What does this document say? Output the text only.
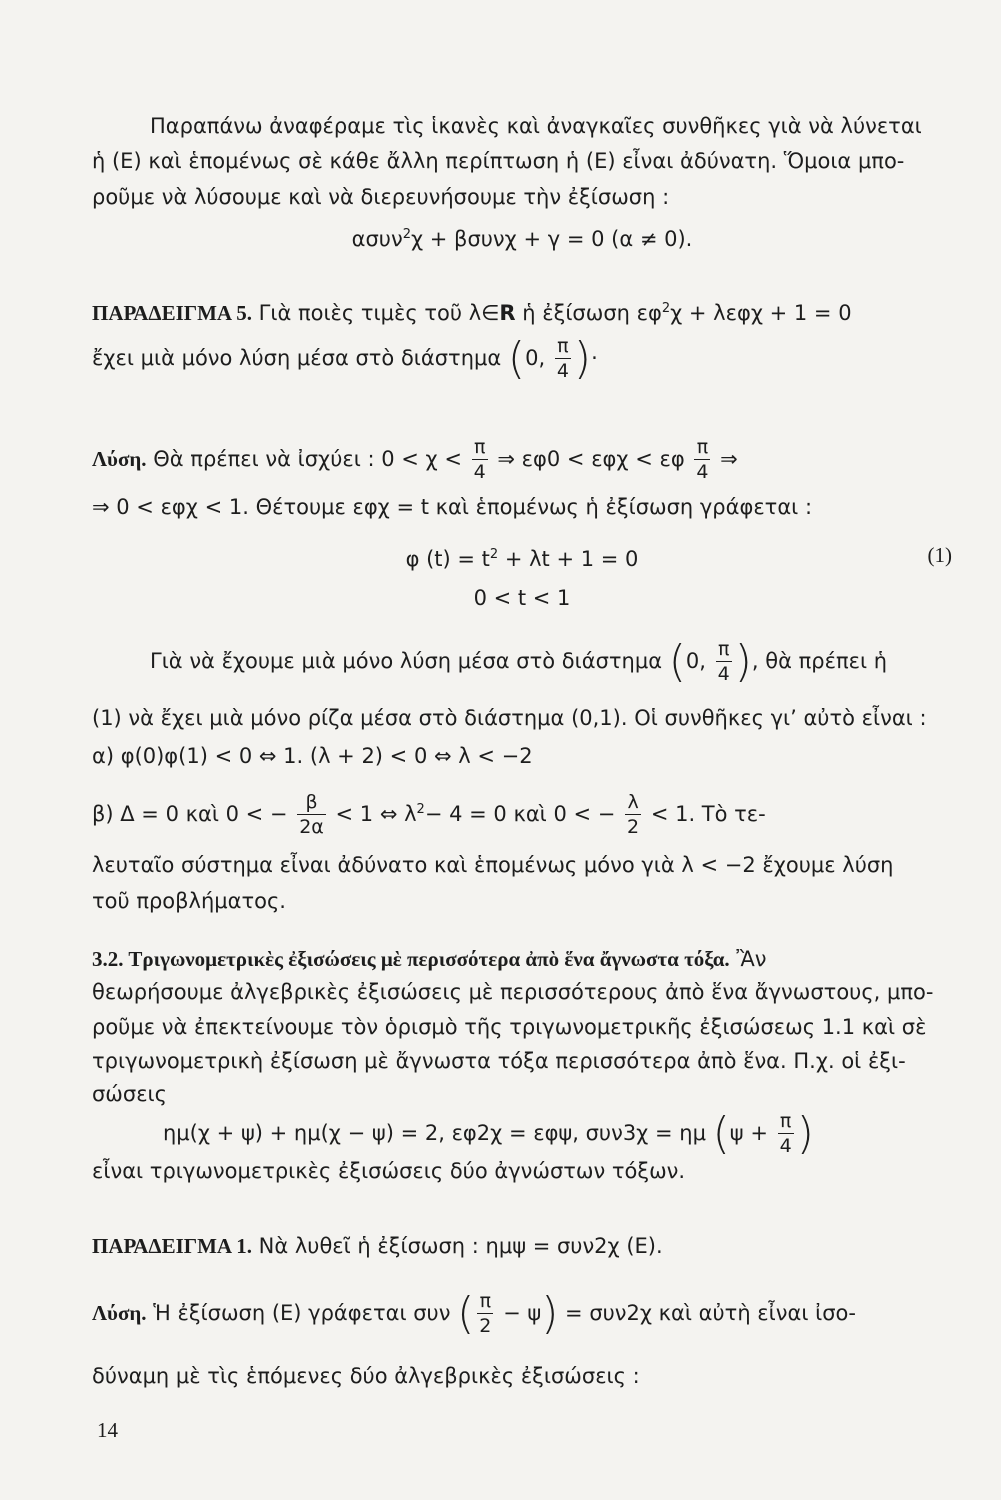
Παραπάνω ἀναφέραμε τὶς ἱκανὲς καὶ ἀναγκαῖες συνθῆκες γιὰ νὰ λύνεται
ἡ (E) καὶ ἑπομένως σὲ κάθε ἄλλη περίπτωση ἡ (E) εἶναι ἀδύνατη. Ὅμοια μπο-
ροῦμε νὰ λύσουμε καὶ νὰ διερευνήσουμε τὴν ἐξίσωση :
ασυν$^2$χ + βσυνχ + γ = 0 (α ≠ 0).
ΠΑΡΑΔΕΙΓΜΑ 5. Γιὰ ποιὲς τιμὲς τοῦ λ∈R ἡ ἐξίσωση $\varepsilon\varphi^2\chi + \lambda\varepsilon\varphi\chi + 1 = 0$
ἔχει μιὰ μόνο λύση μέσα στὸ διάστημα (0, $\frac{\pi}{4}$ )·
Λύση. Θὰ πρέπει νὰ ἰσχύει : $0 < \chi < \frac{\pi}{4}$ ⇒ εφ0 < εφχ < εφ $\frac{\pi}{4}$ ⇒
⇒ 0 < εφχ < 1. Θέτουμε εφχ = t καὶ ἑπομένως ἡ ἐξίσωση γράφεται :
φ $(t) = t^2 + \lambda t + 1 = 0$	(1)
0 < t < 1
Γιὰ νὰ ἔχουμε μιὰ μόνο λύση μέσα στὸ διάστημα (0, $\frac{\pi}{4}$ ), θὰ πρέπει ἡ
(1) νὰ ἔχει μιὰ μόνο ρίζα μέσα στὸ διάστημα (0,1). Οἱ συνθῆκες γι’ αὐτὸ εἶναι :
α) φ(0)φ(1) < 0 ⇔ 1. (λ + 2) < 0 ⇔ λ < −2
β) Δ = 0 καὶ 0 < − $\frac{\beta}{2\alpha} < 1$ ⇔ $\lambda^2- 4 = 0$ καὶ 0 < − $\frac{\lambda}{2} < 1$. Τὸ τε-
λευταῖο σύστημα εἶναι ἀδύνατο καὶ ἑπομένως μόνο γιὰ λ < −2 ἔχουμε λύση
τοῦ προβλήματος.
3.2. Τριγωνομετρικὲς ἐξισώσεις μὲ περισσότερα ἀπὸ ἕνα ἄγνωστα τόξα. Ἂν
θεωρήσουμε ἀλγεβρικὲς ἐξισώσεις μὲ περισσότερους ἀπὸ ἕνα ἄγνωστους, μπο-
ροῦμε νὰ ἐπεκτείνουμε τὸν ὁρισμὸ τῆς τριγωνομετρικῆς ἐξισώσεως 1.1 καὶ σὲ
τριγωνομετρικὴ ἐξίσωση μὲ ἄγνωστα τόξα περισσότερα ἀπὸ ἕνα. Π.χ. οἱ ἐξι-
σώσεις
ημ(χ + ψ) + ημ(χ − ψ) = 2, εφ2χ = εφψ, συν3χ = ημ ($\psi + \frac{\pi}{4}$ )
εἶναι τριγωνομετρικὲς ἐξισώσεις δύο ἀγνώστων τόξων.
ΠΑΡΑΔΕΙΓΜΑ 1. Νὰ λυθεῖ ἡ ἐξίσωση : ημψ = συν2χ (E).
Λύση. Ἡ ἐξίσωση (E) γράφεται συν ( $\frac{\pi}{2} - \psi) = \sigma\upsilon\nu 2\chi$ καὶ αὐτὴ εἶναι ἰσο-
δύναμη μὲ τὶς ἑπόμενες δύο ἀλγεβρικὲς ἐξισώσεις :
14
